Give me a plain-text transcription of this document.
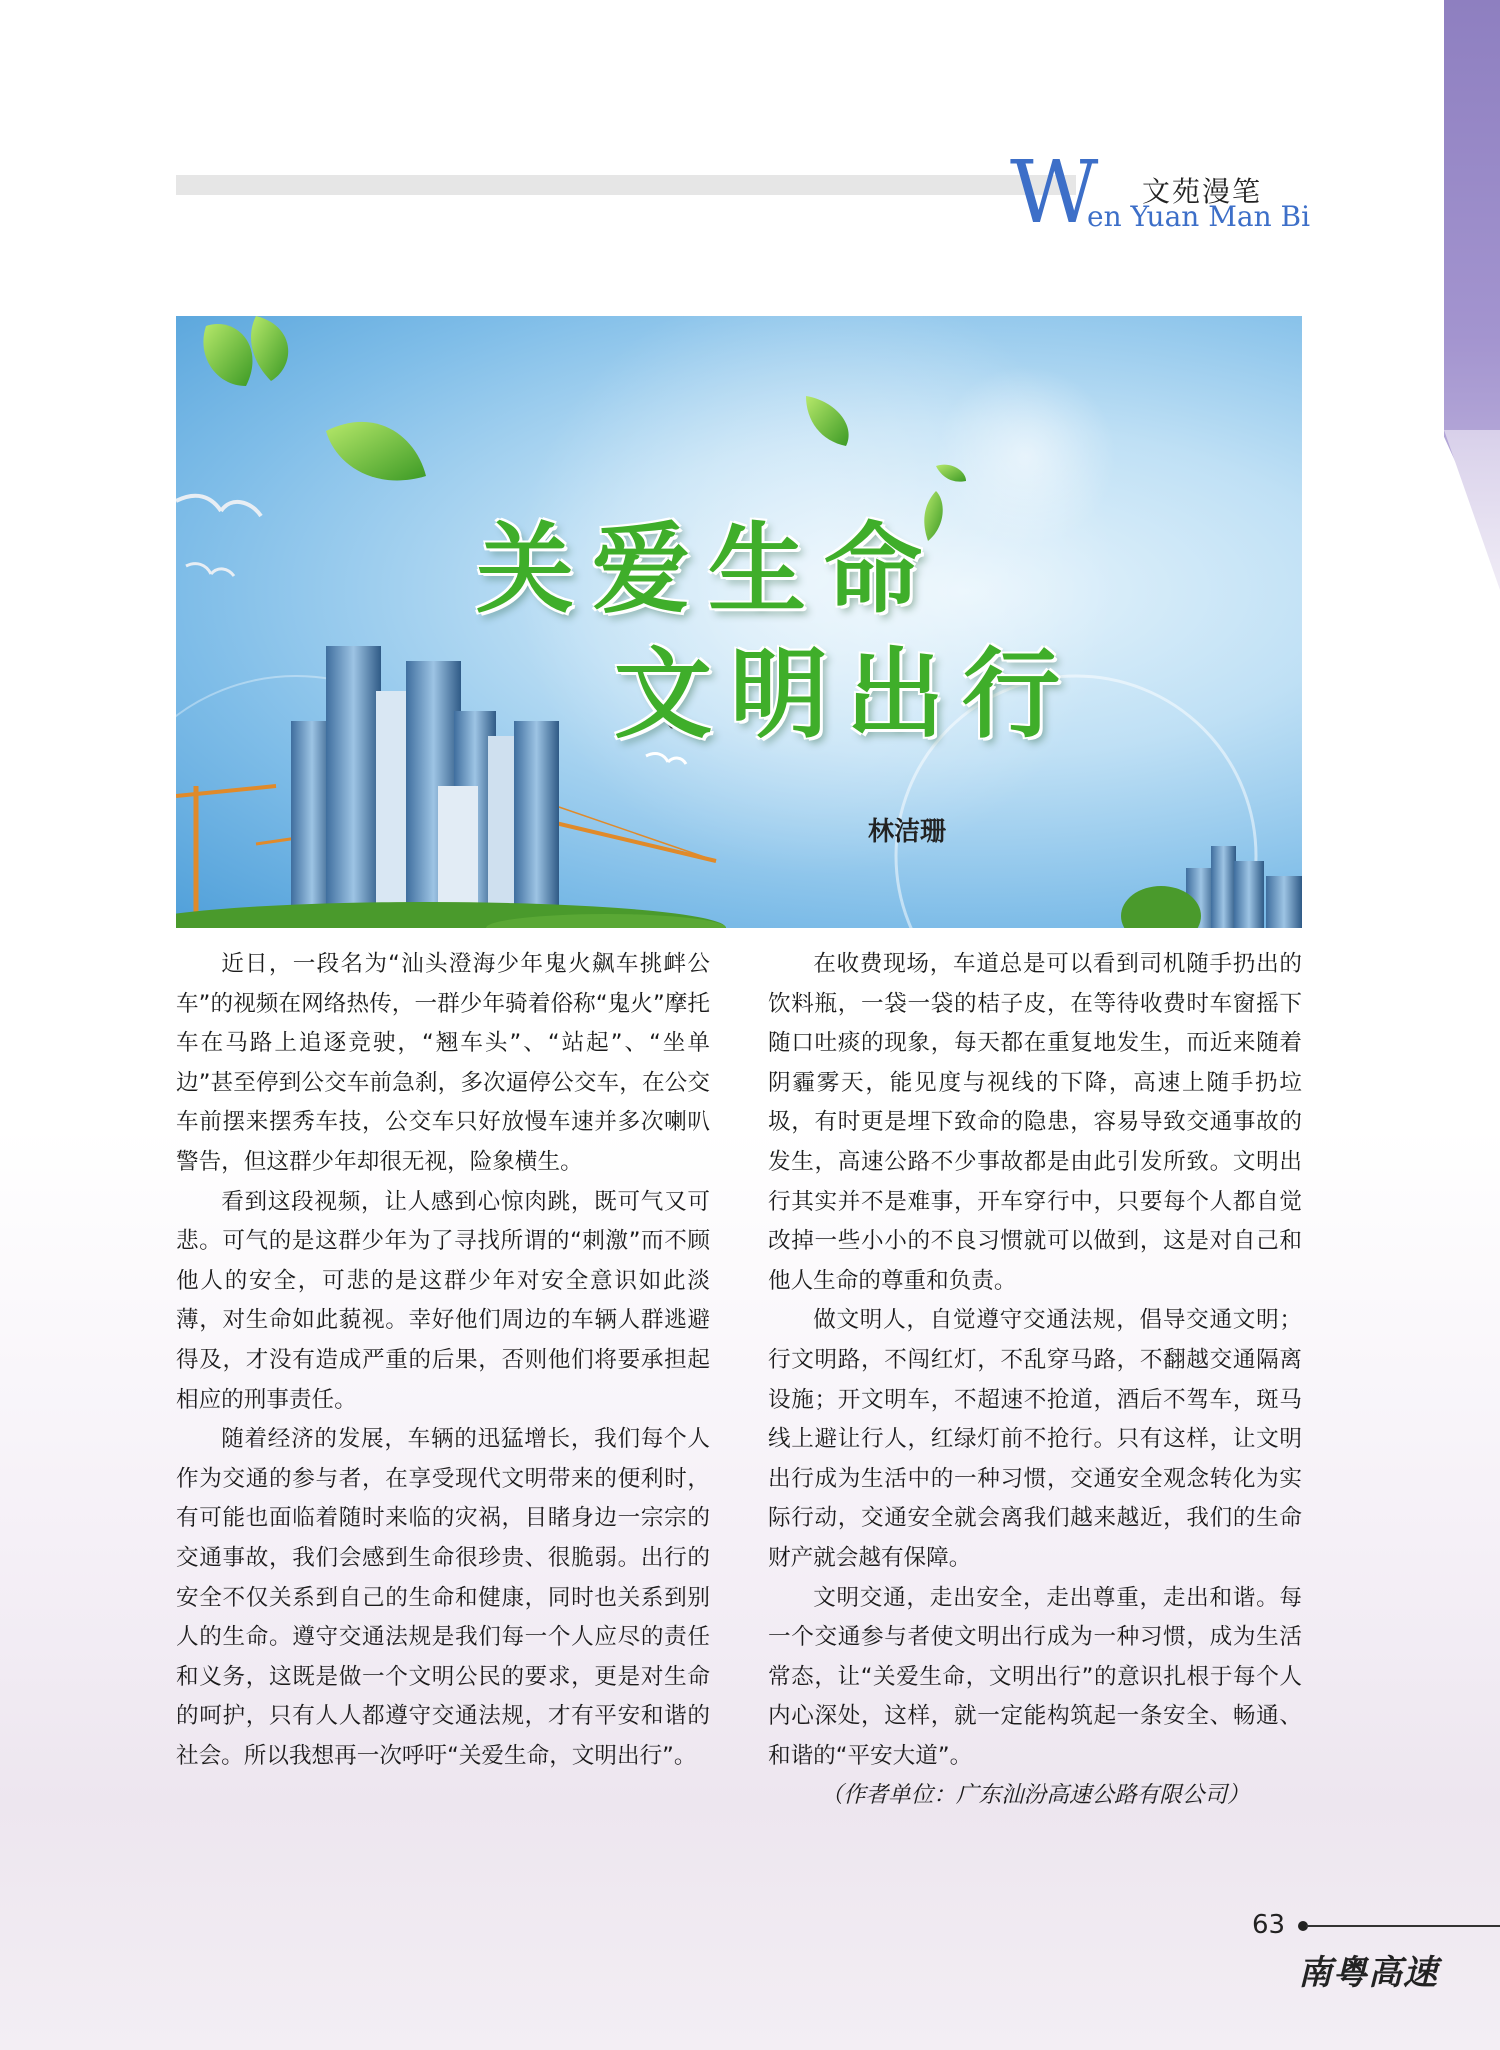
W 文苑漫笔
en Yuan Man Bi
关爱生命
文明出行
林洁珊

近日，一段名为“汕头澄海少年鬼火飙车挑衅公车”的视频在网络热传，一群少年骑着俗称“鬼火”摩托车在马路上追逐竞驶，“翘车头”、“站起”、“坐单边”甚至停到公交车前急刹，多次逼停公交车，在公交车前摆来摆秀车技，公交车只好放慢车速并多次喇叭警告，但这群少年却很无视，险象横生。

看到这段视频，让人感到心惊肉跳，既可气又可悲。可气的是这群少年为了寻找所谓的“刺激”而不顾他人的安全，可悲的是这群少年对安全意识如此淡薄，对生命如此藐视。幸好他们周边的车辆人群逃避得及，才没有造成严重的后果，否则他们将要承担起相应的刑事责任。

随着经济的发展，车辆的迅猛增长，我们每个人作为交通的参与者，在享受现代文明带来的便利时，有可能也面临着随时来临的灾祸，目睹身边一宗宗的交通事故，我们会感到生命很珍贵、很脆弱。出行的安全不仅关系到自己的生命和健康，同时也关系到别人的生命。遵守交通法规是我们每一个人应尽的责任和义务，这既是做一个文明公民的要求，更是对生命的呵护，只有人人都遵守交通法规，才有平安和谐的社会。所以我想再一次呼吁“关爱生命，文明出行”。

在收费现场，车道总是可以看到司机随手扔出的饮料瓶，一袋一袋的桔子皮，在等待收费时车窗摇下随口吐痰的现象，每天都在重复地发生，而近来随着阴霾雾天，能见度与视线的下降，高速上随手扔垃圾，有时更是埋下致命的隐患，容易导致交通事故的发生，高速公路不少事故都是由此引发所致。文明出行其实并不是难事，开车穿行中，只要每个人都自觉改掉一些小小的不良习惯就可以做到，这是对自己和他人生命的尊重和负责。

做文明人，自觉遵守交通法规，倡导交通文明；行文明路，不闯红灯，不乱穿马路，不翻越交通隔离设施；开文明车，不超速不抢道，酒后不驾车，斑马线上避让行人，红绿灯前不抢行。只有这样，让文明出行成为生活中的一种习惯，交通安全观念转化为实际行动，交通安全就会离我们越来越近，我们的生命财产就会越有保障。

文明交通，走出安全，走出尊重，走出和谐。每一个交通参与者使文明出行成为一种习惯，成为生活常态，让“关爱生命，文明出行”的意识扎根于每个人内心深处，这样，就一定能构筑起一条安全、畅通、和谐的“平安大道”。

（作者单位：广东汕汾高速公路有限公司）

63
南粤高速
